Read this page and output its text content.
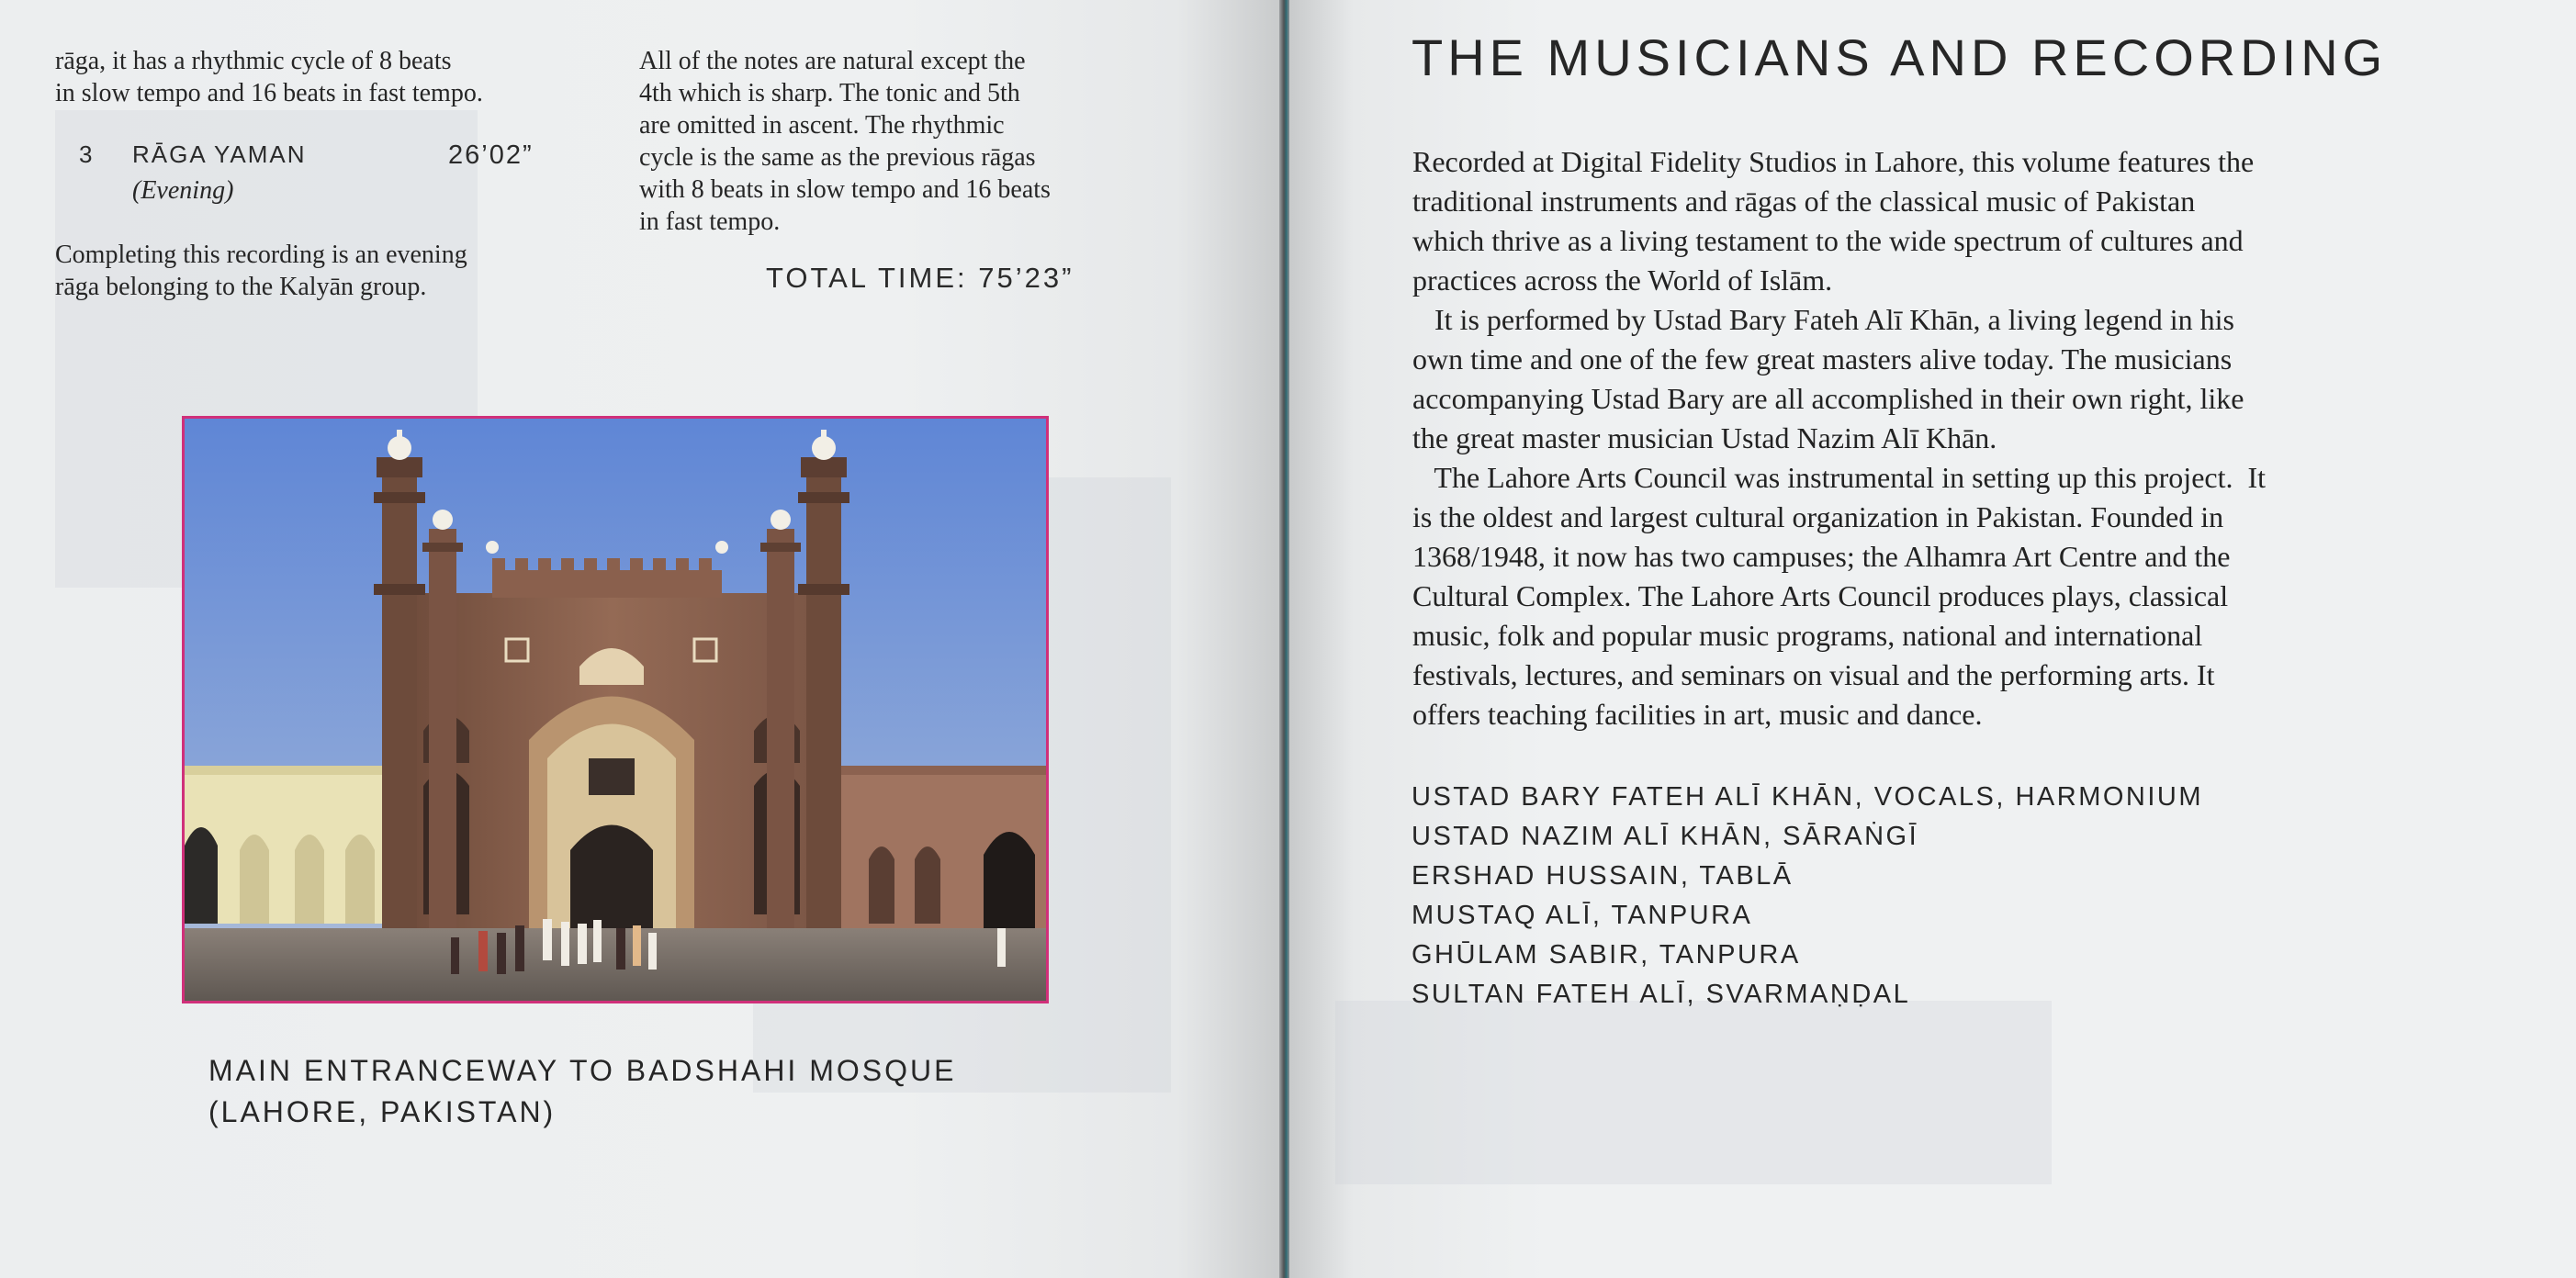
rāga, it has a rhythmic cycle of 8 beats
in slow tempo and 16 beats in fast tempo.
3 RĀGA YAMAN	26’02”
(Evening)
Completing this recording is an evening
rāga belonging to the Kalyān group.
All of the notes are natural except the
4th which is sharp. The tonic and 5th
are omitted in ascent. The rhythmic
cycle is the same as the previous rāgas
with 8 beats in slow tempo and 16 beats
in fast tempo.
TOTAL TIME: 75’23”
MAIN ENTRANCEWAY TO BADSHAHI MOSQUE
(LAHORE, PAKISTAN)
THE MUSICIANS AND RECORDING
Recorded at Digital Fidelity Studios in Lahore, this volume features the
traditional instruments and rāgas of the classical music of Pakistan
which thrive as a living testament to the wide spectrum of cultures and
practices across the World of Islām.
It is performed by Ustad Bary Fateh Alī Khān, a living legend in his
own time and one of the few great masters alive today. The musicians
accompanying Ustad Bary are all accomplished in their own right, like
the great master musician Ustad Nazim Alī Khān.
The Lahore Arts Council was instrumental in setting up this project.  It
is the oldest and largest cultural organization in Pakistan. Founded in
1368/1948, it now has two campuses; the Alhamra Art Centre and the
Cultural Complex. The Lahore Arts Council produces plays, classical
music, folk and popular music programs, national and international
festivals, lectures, and seminars on visual and the performing arts. It
offers teaching facilities in art, music and dance.
USTAD BARY FATEH ALĪ KHĀN, VOCALS, HARMONIUM
USTAD NAZIM ALĪ KHĀN, SĀRAṄGĪ
ERSHAD HUSSAIN, TABLĀ
MUSTAQ ALĪ, TANPURA
GHŪLAM SABIR, TANPURA
SULTAN FATEH ALĪ, SVARMAṆḌAL
